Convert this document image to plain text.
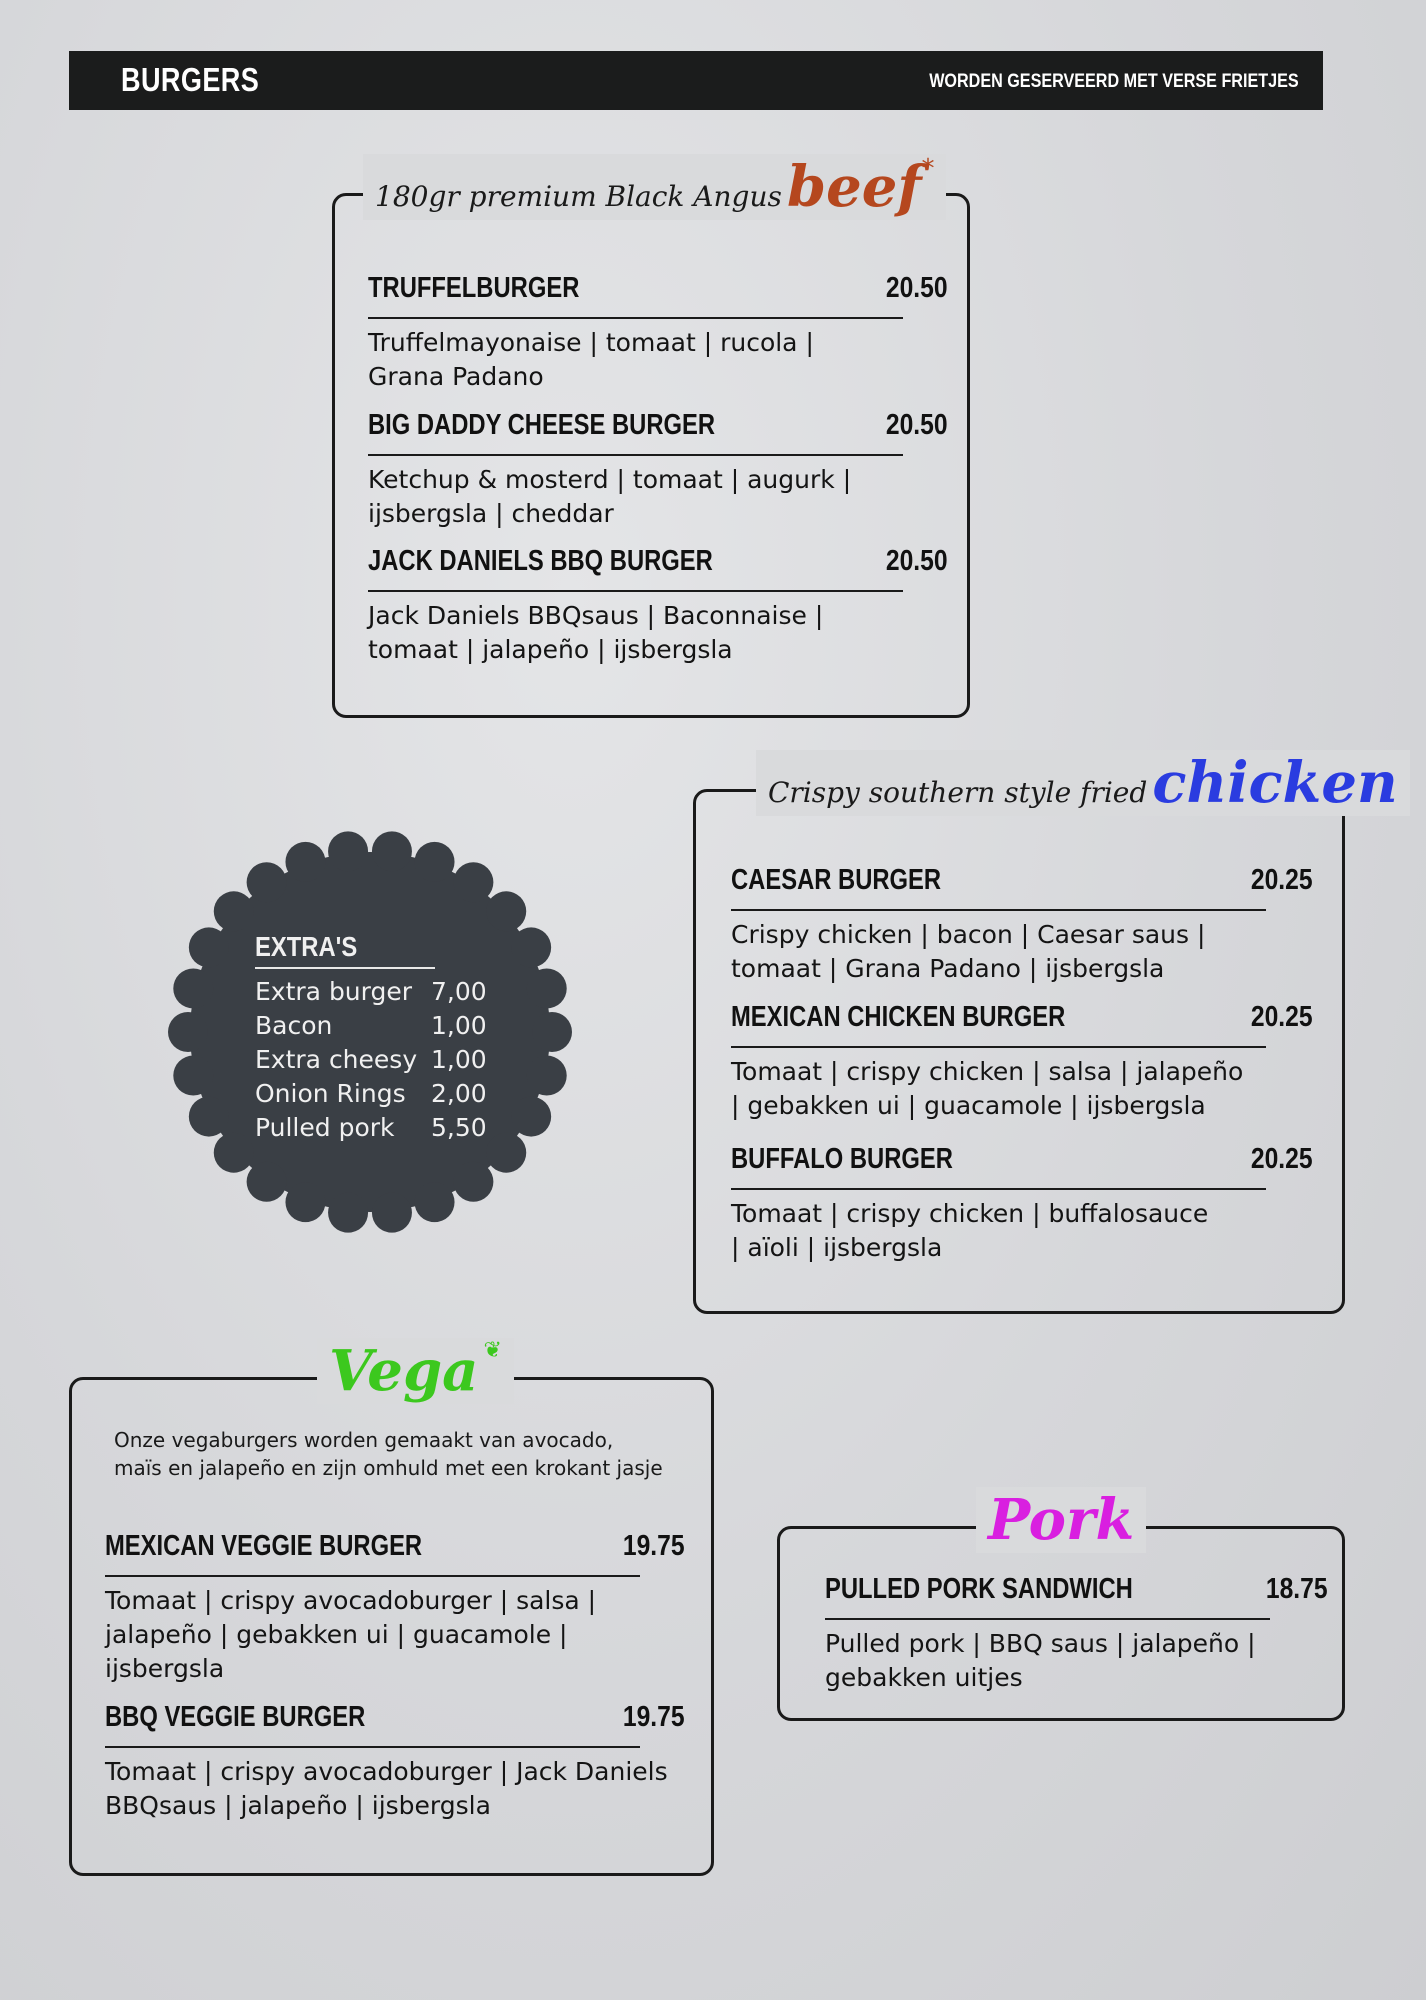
BURGERS	WORDEN GESERVEERD MET VERSE FRIETJES
180gr premium Black Angus beef*
TRUFFELBURGER	20.50
Truffelmayonaise | tomaat | rucola |
Grana Padano
BIG DADDY CHEESE BURGER	20.50
Ketchup & mosterd | tomaat | augurk |
ijsbergsla | cheddar
JACK DANIELS BBQ BURGER	20.50
Jack Daniels BBQsaus | Baconnaise |
tomaat | jalapeño | ijsbergsla
EXTRA'S
Extra burger 7,00
Bacon	1,00
Extra cheesy 1,00
Onion Rings 2,00
Pulled pork 5,50
Crispy southern style fried chicken
CAESAR BURGER	20.25
Crispy chicken | bacon | Caesar saus |
tomaat | Grana Padano | ijsbergsla
MEXICAN CHICKEN BURGER	20.25
Tomaat | crispy chicken | salsa | jalapeño
| gebakken ui | guacamole | ijsbergsla
BUFFALO BURGER	20.25
Tomaat | crispy chicken | buffalosauce
| aïoli | ijsbergsla
Vega ❦
Onze vegaburgers worden gemaakt van avocado,
maïs en jalapeño en zijn omhuld met een krokant jasje
MEXICAN VEGGIE BURGER	19.75
Tomaat | crispy avocadoburger | salsa |
jalapeño | gebakken ui | guacamole | ijsbergsla
BBQ VEGGIE BURGER	19.75
Tomaat | crispy avocadoburger | Jack Daniels
BBQsaus | jalapeño | ijsbergsla
Pork
PULLED PORK SANDWICH	18.75
Pulled pork | BBQ saus | jalapeño |
gebakken uitjes
